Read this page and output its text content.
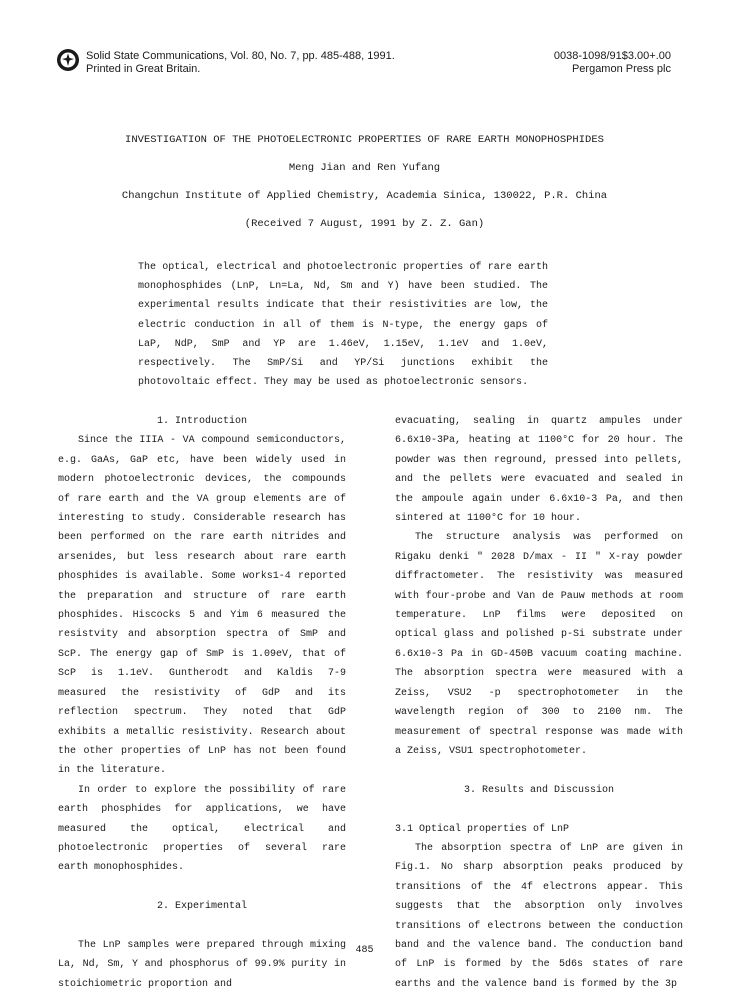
Solid State Communications, Vol. 80, No. 7, pp. 485-488, 1991.
Printed in Great Britain.
0038-1098/91$3.00+.00
Pergamon Press plc
INVESTIGATION OF THE PHOTOELECTRONIC PROPERTIES OF RARE EARTH MONOPHOSPHIDES
Meng Jian and Ren Yufang
Changchun Institute of Applied Chemistry, Academia Sinica, 130022, P.R. China
(Received 7 August, 1991 by Z. Z. Gan)

The optical, electrical and photoelectronic properties of rare earth monophosphides (LnP, Ln=La, Nd, Sm and Y) have been studied. The experimental results indicate that their resistivities are low, the electric conduction in all of them is N-type, the energy gaps of LaP, NdP, SmP and YP are 1.46eV, 1.15eV, 1.1eV and 1.0eV, respectively. The SmP/Si and YP/Si junctions exhibit the photovoltaic effect. They may be used as photoelectronic sensors.

1. Introduction

Since the IIIA - VA compound semiconductors, e.g. GaAs, GaP etc, have been widely used in modern photoelectronic devices, the compounds of rare earth and the VA group elements are of interesting to study. Considerable research has been performed on the rare earth nitrides and arsenides, but less research about rare earth phosphides is available. Some works1-4 reported the preparation and structure of rare earth phosphides. Hiscocks 5 and Yim 6 measured the resistvity and absorption spectra of SmP and ScP. The energy gap of SmP is 1.09eV, that of ScP is 1.1eV. Guntherodt and Kaldis 7-9 measured the resistivity of GdP and its reflection spectrum. They noted that GdP exhibits a metallic resistivity. Research about the other properties of LnP has not been found in the literature.

In order to explore the possibility of rare earth phosphides for applications, we have measured the optical, electrical and photoelectronic properties of several rare earth monophosphides.

2. Experimental

The LnP samples were prepared through mixing La, Nd, Sm, Y and phosphorus of 99.9% purity in stoichiometric proportion and

evacuating, sealing in quartz ampules under 6.6x10-3Pa, heating at 1100°C for 20 hour. The powder was then reground, pressed into pellets, and the pellets were evacuated and sealed in the ampoule again under 6.6x10-3 Pa, and then sintered at 1100°C for 10 hour.

The structure analysis was performed on Rigaku denki " 2028 D/max - II " X-ray powder diffractometer. The resistivity was measured with four-probe and Van de Pauw methods at room temperature. LnP films were deposited on optical glass and polished p-Si substrate under 6.6x10-3 Pa in GD-450B vacuum coating machine. The absorption spectra were measured with a Zeiss, VSU2 -p spectrophotometer in the wavelength region of 300 to 2100 nm. The measurement of spectral response was made with a Zeiss, VSU1 spectrophotometer.

3. Results and Discussion

3.1 Optical properties of LnP

The absorption spectra of LnP are given in Fig.1. No sharp absorption peaks produced by transitions of the 4f electrons appear. This suggests that the absorption only involves transitions of electrons between the conduction band and the valence band. The conduction band of LnP is formed by the 5d6s states of rare earths and the valence band is formed by the 3p

485
